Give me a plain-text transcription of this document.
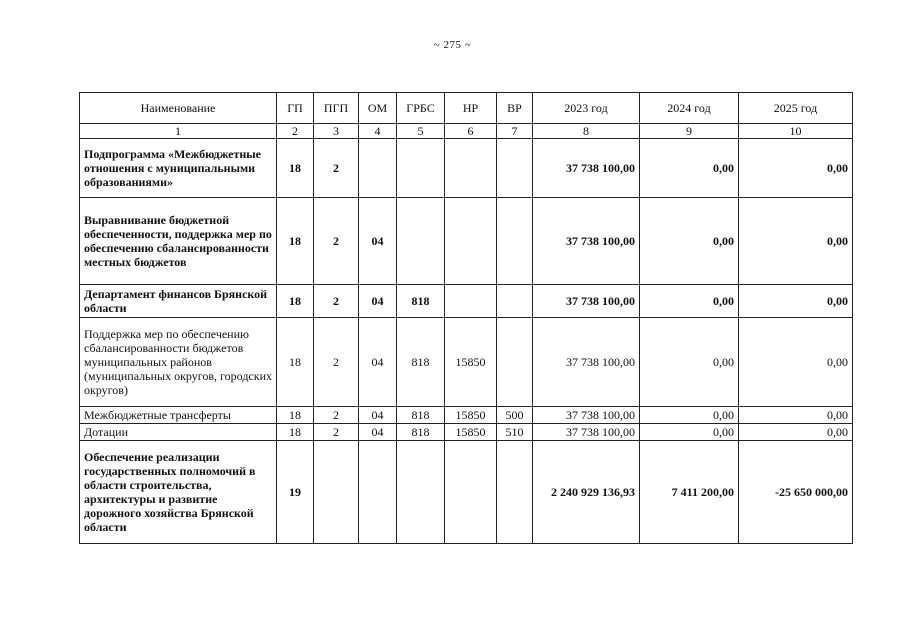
~ 275 ~
Наименование	ГП	ПГП	ОМ	ГРБС	НР	ВР	2023 год	2024 год	2025 год
1	2	3	4	5	6	7	8	9	10
Подпрограмма «Межбюджетные отношения с муниципальными образованиями»	18	2					37 738 100,00	0,00	0,00
Выравнивание бюджетной обеспеченности, поддержка мер по обеспечению сбалансированности местных бюджетов	18	2	04				37 738 100,00	0,00	0,00
Департамент финансов Брянской области	18	2	04	818			37 738 100,00	0,00	0,00
Поддержка мер по обеспечению сбалансированности бюджетов муниципальных районов (муниципальных округов, городских округов)	18	2	04	818	15850		37 738 100,00	0,00	0,00
Межбюджетные трансферты	18	2	04	818	15850	500	37 738 100,00	0,00	0,00
Дотации	18	2	04	818	15850	510	37 738 100,00	0,00	0,00
Обеспечение реализации государственных полномочий в области строительства, архитектуры и развитие дорожного хозяйства Брянской области	19						2 240 929 136,93	7 411 200,00	-25 650 000,00
